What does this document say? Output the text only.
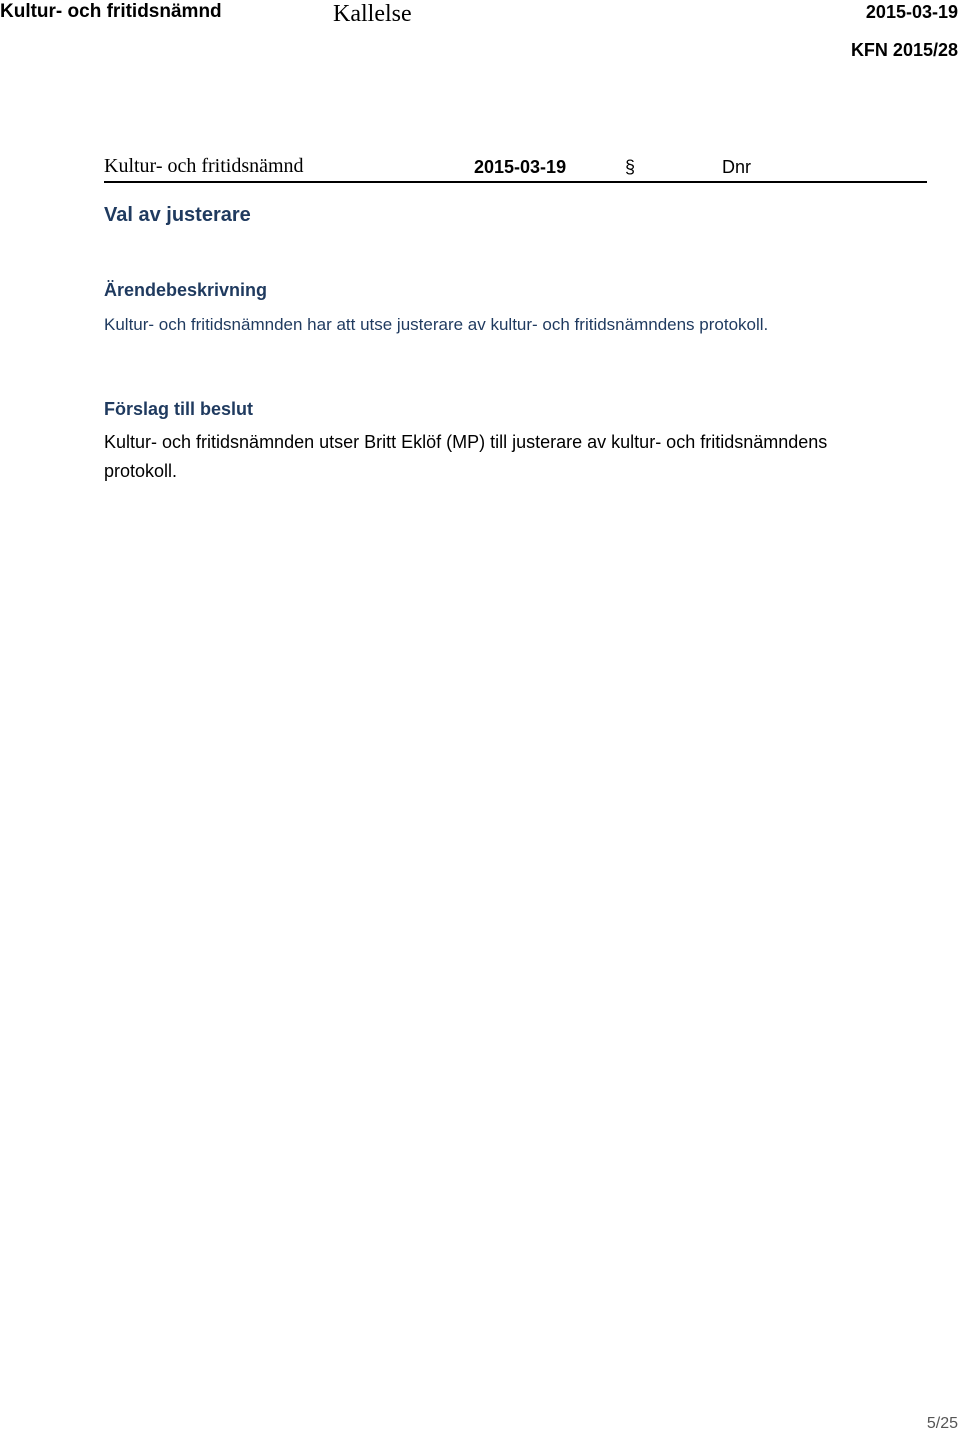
Kultur- och fritidsnämnd	Kallelse	2015-03-19
KFN 2015/28
Kultur- och fritidsnämnd	2015-03-19	§	Dnr
Val av justerare
Ärendebeskrivning
Kultur- och fritidsnämnden har att utse justerare av kultur- och fritidsnämndens protokoll.
Förslag till beslut
Kultur- och fritidsnämnden utser Britt Eklöf (MP) till justerare av kultur- och fritidsnämndens protokoll.
5/25
